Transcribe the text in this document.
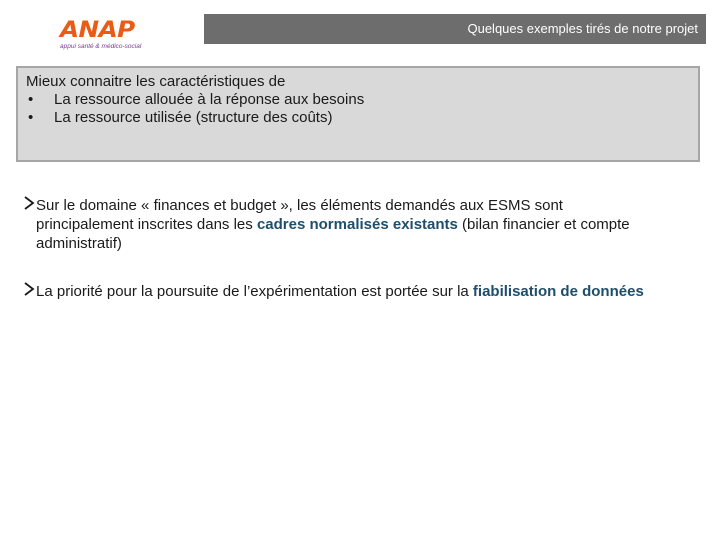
Quelques exemples tirés de notre projet
ANAP
appui santé & médico-social
Mieux connaitre les caractéristiques de
• La ressource allouée à la réponse aux besoins
• La ressource utilisée (structure des coûts)
Sur le domaine « finances et budget », les éléments demandés aux ESMS sont
principalement inscrites dans les cadres normalisés existants (bilan financier et compte
administratif)
La priorité pour la poursuite de l’expérimentation est portée sur la fiabilisation de données
